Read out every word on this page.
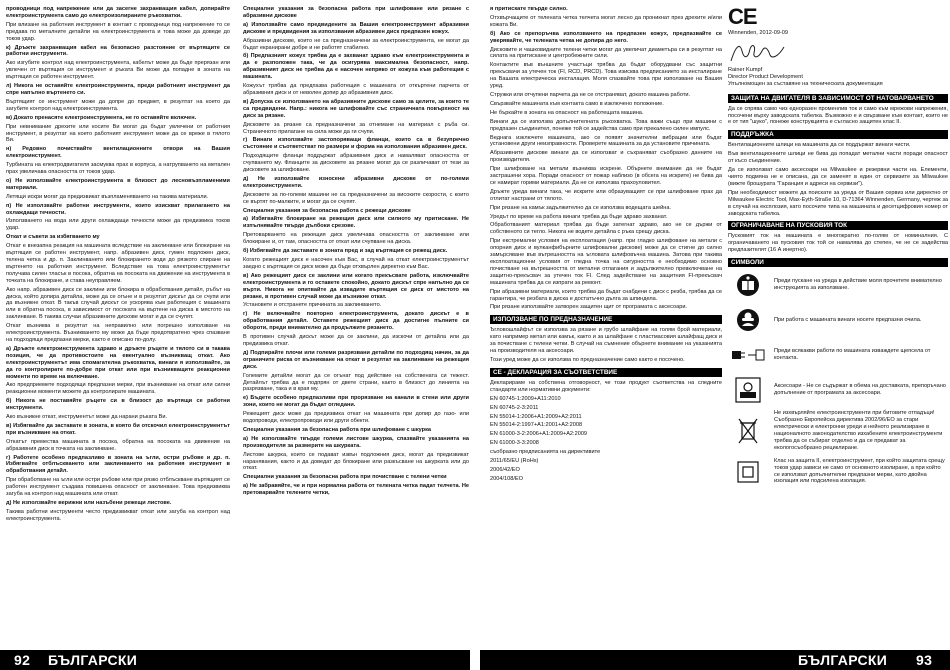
проводници под напрежение или да засегне захранващия кабел, допирайте електроинструмента само до електроизолираните ръкохватки.

При влизане на работния инструмент в контакт с проводници под напрежение то се предава по металните детайли на електроинструмента и това може да доведе до токов удар.

к) Дръжте захранващия кабел на безопасно разстояние от въртящите се работни инструменти.

Ако изгубите контрол над електроинструмента, кабелът може да бъде прерязан или увлечен от въртящия се инструмент и ръката Ви може да попадне в зоната на въртящия се работен инструмент.

л) Никога не оставяйте електроинструмента, преди работният инструмент да спре напълно въртенето си.

Въртящият се инструмент може да допре до предмет, в резултат на което да загубите контрол над електроинструмента.

м) Докато пренасяте електроинструмента, не го оставяйте включен.

При невнимание дрехите или косите Ви могат да бъдат увлечени от работния инструмент, в резултат на което работният инструмент може да се вреже в тялото Ви.

н) Редовно почиствайте вентилационните отвори на Вашия електроинструмент.

Турбината на електродвигателя засмуква прах в корпуса, а натрупването на метален прах увеличава опасността от токов удар.

о) Не използвайте електроинструмента в близост до лесновъзпламеними материали.

Летящи искри могат да предизвикат възпламеняването на такива материали.

п) Не използвайте работни инструменти, които изискват прилагането на охлаждащи течности.

Използването на вода или други охлаждащи течности може да предизвика токов удар.

Откат и съвети за избягването му

Откат е внезапна реакция на машината вследствие на заклинване или блокиране на въртящия се работен инструмент, напр. абразивен диск, гумен подложен диск, телена четка и др. п. Заклинването или блокирането води до рязкото спиране на въртенето на работния инструмент. Вследствие на това електроинструментът получава силен тласък в посока, обратна на посоката на движение на инструмента в точката на блокиране, и става неуправляем.

Ако напр. абразивен диск се заклини или блокира в обработвания детайл, ръбът на диска, който допира детайла, може да се огъне и в резултат дискът да се счупи или да възникне откат. В такъв случай дискът се ускорява към работещия с машината или в обратна посока, в зависимост от посоката на въртене на диска в мястото на заклинване. В такива случаи абразивните дискове могат и да се счупят.

Откат възниква в резултат на неправилно или погрешно използване на електроинструмента. Възникването му може да бъде предотвратено чрез спазване на подходящи предпазни мерки, както е описано по-долу.

а) Дръжте електроинструмента здраво и дръжте ръцете и тялото си в такава позиция, че да противостоите на евентуално възникващ откат. Ако електроинструментът има спомагателна ръкохватка, винаги я използвайте, за да го контролирате по-добре при откат или при възникващите реакционни моменти по време на включване.

Ако предприемете подходящи предпазни мерки, при възникване на откат или силни реакционни моменти можете да контролирате машината.

б) Никога не поставяйте ръцете си в близост до въртящи се работни инструменти.

Ако възникне откат, инструментът може да нарани ръката Ви.

в) Избягвайте да заставате в зоната, в която би отскочил електроинструментът при възникване на откат.

Откатът премества машината в посока, обратна на посоката на движение на абразивния диск в точката на заклинване.

г) Работете особено предпазливо в зоната на ъгли, остри ръбове и др. п. Избягвайте отблъскването или заклинването на работния инструмент в обработвания детайл.

При обработване на ъгли или остри ръбове или при рязко отблъскване въртящият се работен инструмент създава повишена опасност от заклинване. Това предизвиква загуба на контрол над машината или откат.

д) Не използвайте верижни или назъбени режещи листове.

Такива работни инструменти често предизвикват откат или загуба на контрол над електроинструмента.

Специални указания за безопасна работа при шлифоване или рязане с абразивни дискове

а) Използвайте само предвидените за Вашия електроинструмент абразивни дискове и предвидения за използвания абразивен диск предпазен кожух.

Абразивни дискове, които не са предназначени за електроинструмента, не могат да бъдат екранирани добре и не работят стабилно.

б) Предпазният кожух трябва да е захванат здраво към електроинструмента и да е разположен така, че да осигурява максимална безопасност, напр. абразивният диск не трябва да е насочен непряко от кожуха към работещия с машината.

Кожухът трябва да предпазва работещия с машината от откъртени парчета от абразивния диск и от неволен допир до абразивния диск.

в) Допуска се използването на абразивните дискове само за целите, за които те са предвидени. Напр.: никога не шлифовайте със страничната повърхност на диск за рязане.

Дисковете за рязане са предназначени за отнемане на материал с ръба си. Страничното прилагане на сила може да ги счупи.

г) Винаги използвайте застопоряващи фланци, които са в безупречно състояние и съответстват по размери и форма на използвания абразивен диск.

Подходящите фланци поддържат абразивния диск и намаляват опасността от счупването му. Фланците за дисковете за рязане могат да се различават от тези за дисковете за шлифоване.

д) Не използвайте износени абразивни дискове от по-големи електроинструменти.

Дисковете за по-големи машини не са предназначени за високите скорости, с които се въртят по-малките, и могат да се счупят.

Специални указания за безопасна работа с режещи дискове

а) Избягвайте блокиране на режещия диск или силното му притискане. Не изпълнявайте твърде дълбоки срезове.

Претоварването на режещия диск увеличава опасността от заклинване или блокиране и, от там, опасността от откат или счупване на диска.

б) Избягвайте да заставате в зоната пред и зад въртящия се режещ диск.

Когато режещият диск е насочен към Вас, в случай на откат електроинструментът заедно с въртящия се диск може да бъде отхвърлен директно към Вас.

в) Ако режещият диск се заклини или когато прекъсвате работа, изключвайте електроинструмента и го оставете спокойно, докато дискът спре напълно да се върти. Никога не опитвайте да извадите въртящия се диск от мястото на рязане, в противен случай може да възникне откат.

Установете и отстранете причината за заклинването.

г) Не включвайте повторно електроинструмента, докато дискът е в обработвания детайл. Оставете режещият диск да достигне пълните си обороти, преди внимателно да продължите рязането.

В противен случай дискът може да се заклини, да изскочи от детайла или да предизвика откат.

д) Подпирайте плочи или големи разрязвани детайли по подходящ начин, за да ограничите риска от възникване на откат в резултат на заклинване на режещия диск.

Големите детайли могат да се огънат под действие на собствената си тежест. Детайлът трябва да е подпрян от двете страни, както в близост до линията на разрязване, така и в края му.

е) Бъдете особено предпазливи при прорязване на канали в стени или други зони, които не могат да бъдат огледани.

Режещият диск може да предизвика откат на машината при допир до газо- или водопроводи, електропроводи или други обекти.

Специални указания за безопасна работа при шлифоване с шкурка

а) Не използвайте твърде големи листове шкурка, спазвайте указанията на производителя за размерите на шкурката.

Листове шкурка, които се подават извън подложния диск, могат да предизвикат наранявания, както и да доведат до блокиране или разкъсване на шкурката или до откат.

Специални указания за безопасна работа при почистване с телени четки

а) Не забравяйте, че и при нормална работа от телената четка падат телчета. Не претоварвайте телените четки,

92 БЪЛГАРСКИ

я притискате твърде силно.

Отхвърчащите от телената четка телчета могат лесно да проникнат през дрехите и/или кожата Ви.

б) Ако се препоръчва използването на предпазен кожух, предпазвайте се уверявайте, че телената четка не допира до него.

Дисковите и чашковидните телени четки могат да увеличат диаметъра си в резултат на силата на притискане и центробежните сили.

Контактите във външните участъци трябва да бъдат оборудвани със защитни прекъсвачи за утечен ток (FI, RCD, PRCD). Това изисква предписанието за инсталиране на Вашата електрическа инсталация. Моля спазвайте това при използване на Вашия уред.

Стружки или отчупени парчета да не се отстраняват, докато машина работи.

Свързвайте машината към контакта само в изключено положение.

Не бъркайте в зоната на опасност на работещата машина.

Винаги да се използва допълнителната ръкохватка. Това важи също при машини с предпазен съединител, понеже той се задейства само при прекалено силен импулс.

Веднага изключете машината, ако се появят значителни вибрации или бъдат установени други неизправности. Проверете машината за да установите причината.

Абразивните дискове винаги да се използват и съхраняват съобразно данните на производителя.

При шлифоване на метали възниква искрене. Обърнете внимание да не бъдат застрашени хора. Поради опасност от пожар наблизо (в обсега на искрите) не бива да се намират горими материали. Да не се използва прахоуловител.

Дръжте уреда винаги така, че искрите или образуващият се при шлифоване прах да отлитат настрани от тялото.

При рязане на камък задължително да се използва водещата шейна.

Уредът по време на работа винаги трябва да бъде здраво захванат.

Обработваният материал трябва да бъде затегнат здраво, ако не се държи от собственото си тегло. Никога не водете детайла с ръка срещу диска.

При екстремални условия на експлоатация (напр. при гладко шлифоване на метали с опорния диск и вулканфибърните шлифовални дискове) може да се стигне до силно замърсяване във вътрешността на ъгловата шлифовъчна машина. Затова при такива експлоатационни условия от гледна точка на сигурността е необходимо основно почистване на вътрешността от метални отлагания и задължително превключване на защитно-прекъсвач за утечен ток FI. След задействане на защитния FI-прекъсвач машината трябва да се изпрати за ремонт.

При абразивни материали, които трябва да бъдат снабдени с диск с резба, трябва да се гарантира, че резбата в диска е достатъчно дълга за шпиндела.

При рязане използвайте затворен защитен щит от програмата с аксесоари.

ИЗПОЛЗВАНЕ ПО ПРЕДНАЗНАЧЕНИЕ

Ъгловошлайфът се използва за рязане и грубо шлайфане на голям брой материали, като например метал или камък, както и за шлайфане с пластмасовия шлайфащ диск и за почистване с телени четки. В случай на съмнение обърнете внимание на указанията на производителя на аксесоари.

Този уред може да се използва по предназначение само както е посочено.

CE - ДЕКЛАРАЦИЯ ЗА СЪОТВЕТСТВИЕ

Декларираме на собствена отговорност, че този продукт съответства на следните стандарти или нормативни документи:

EN 60745-1:2009+A11:2010

EN 60745-2-3:2011

EN 55014-1:2006+A1:2009+A2:2011

EN 55014-2:1997+A1:2001+A2:2008

EN 61000-3-2:2006+A1:2009+A2:2009

EN 61000-3-3:2008

съобразно предписанията на директивите

2011/65/EU (RoHs)

2006/42/EO

2004/108/EO

CE
Winnenden, 2012-09-09
Rainer Kumpf
Director Product Development
Упълномощен за съставяне на техническата документация
ЗАЩИТА НА ДВИГАТЕЛЯ В ЗАВИСИМОСТ ОТ НАТОВАРВАНЕТО

Да се спрява само чиз едноразен променлив ток и само към мрежови напрежения, посочени върху заводската табелка. Възможно е и свързване към контакт, които не е от тип "шуко", понеже конструкцията е съгласно защитен клас II.

ПОДДРЪЖКА

Вентилационните шлици на машината да се поддържат винаги чисти.

Във вентилационните шлици не бива да попадат метални части поради опасност от късо съединение.

Да се използват само аксесоари на Milwaukee и резервни части на. Елементи, чиято подмяна не е описана, да се заменят в един от сервизите за Milwaukee (вижте брошурата "Гаранция и адреси на сервизи").

При необходимост можете да поискате за уреда от Вашия сервиз или директно от Milwaukee Electric Tool, Max-Eyth-Straße 10, D-71364 Winnenden, Germany, чертеж за в случай на експлозия, като посочите типа на машината и десетцифровия номер от заводската табелка.

ОГРАНИЧАВАНЕ НА ПУСКОВИЯ ТОК

Пусковият ток на машината е многократно по-голям от номиналния. С ограничаването на пусковия ток той се намалява до степен, че не се задейства предпазителят (16 А инертно).

СИМВОЛИ
Преди пускане на уреда в действие моля прочетете внимателно инструкцията за използване.
При работа с машината винаги носете предпазни очила.
Преди всякакви работи по машината изваждете щепсела от контакта.
Аксесоари - Не се съдържат в обема на доставката, препоръчано допълнение от програмата за аксесоари.
Не изхвърляйте електроинструменти при битовите отпадъци! Съобразно Европейска директива 2002/96/ЕО за стари електрически и електронни уреди и нейното реализиране в националното законодателство изхабените електроинструменти трябва да се събират отделно и да се предават за екологосъобразно рециклиране.
Клас на защита II, електроинструмент, при който защитата срещу токов удар зависи не само от основното изолиране, а при който се използват допълнителни предпазни мерки, като двойна изолация или подсилена изолация.
БЪЛГАРСКИ 93
